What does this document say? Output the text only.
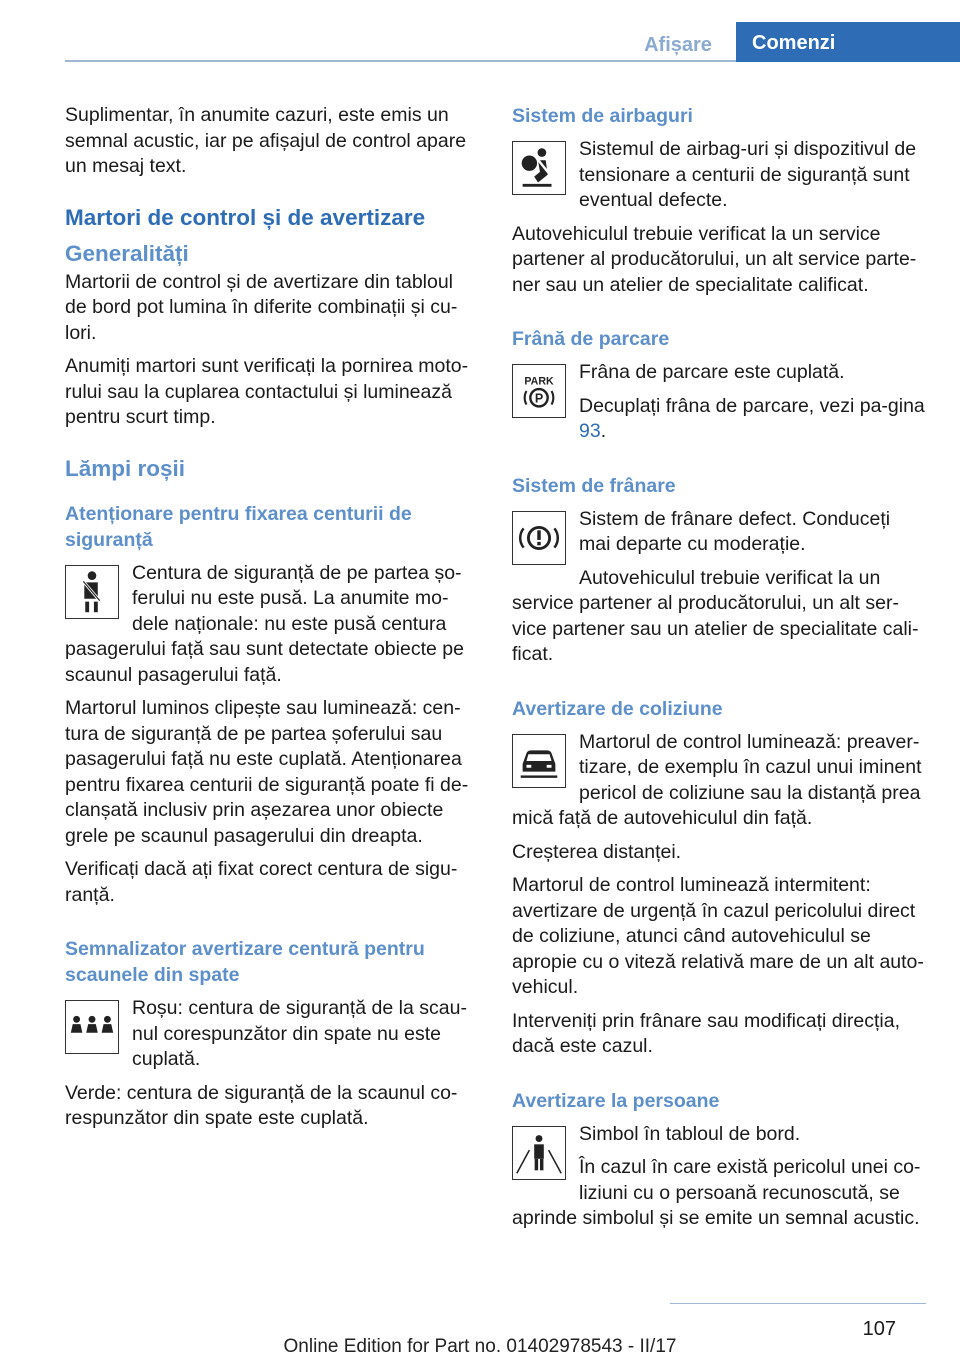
Afișare	Comenzi

Suplimentar, în anumite cazuri, este emis un semnal acustic, iar pe afișajul de control apare un mesaj text.

Martori de control și de avertizare
Generalități

Martorii de control și de avertizare din tabloul de bord pot lumina în diferite combinații și cu-lori.

Anumiți martori sunt verificați la pornirea moto-rului sau la cuplarea contactului și luminează pentru scurt timp.

Lămpi roșii
Atenționare pentru fixarea centurii de siguranță

Centura de siguranță de pe partea șo-ferului nu este pusă. La anumite mo-dele naționale: nu este pusă centura pasagerului față sau sunt detectate obiecte pe scaunul pasagerului față.

Martorul luminos clipește sau luminează: cen-tura de siguranță de pe partea șoferului sau pasagerului față nu este cuplată. Atenționarea pentru fixarea centurii de siguranță poate fi de-clanșată inclusiv prin așezarea unor obiecte grele pe scaunul pasagerului din dreapta.

Verificați dacă ați fixat corect centura de sigu-ranță.

Semnalizator avertizare centură pentru scaunele din spate

Roșu: centura de siguranță de la scau-nul corespunzător din spate nu este cuplată.

Verde: centura de siguranță de la scaunul co-respunzător din spate este cuplată.

Sistem de airbaguri

Sistemul de airbag-uri și dispozitivul de tensionare a centurii de siguranță sunt eventual defecte.

Autovehiculul trebuie verificat la un service partener al producătorului, un alt service parte-ner sau un atelier de specialitate calificat.

Frână de parcare
PARK
P

Frâna de parcare este cuplată.

Decuplați frâna de parcare, vezi pa-gina 93.

Sistem de frânare

Sistem de frânare defect. Conduceți mai departe cu moderație.

Autovehiculul trebuie verificat la un service partener al producătorului, un alt ser-vice partener sau un atelier de specialitate cali-ficat.

Avertizare de coliziune

Martorul de control luminează: preaver-tizare, de exemplu în cazul unui iminent pericol de coliziune sau la distanță prea mică față de autovehiculul din față.

Creșterea distanței.

Martorul de control luminează intermitent: avertizare de urgență în cazul pericolului direct de coliziune, atunci când autovehiculul se apropie cu o viteză relativă mare de un alt auto-vehicul.

Interveniți prin frânare sau modificați direcția, dacă este cazul.

Avertizare la persoane

Simbol în tabloul de bord.

În cazul în care există pericolul unei co-liziuni cu o persoană recunoscută, se aprinde simbolul și se emite un semnal acustic.

107
Online Edition for Part no. 01402978543 - II/17
